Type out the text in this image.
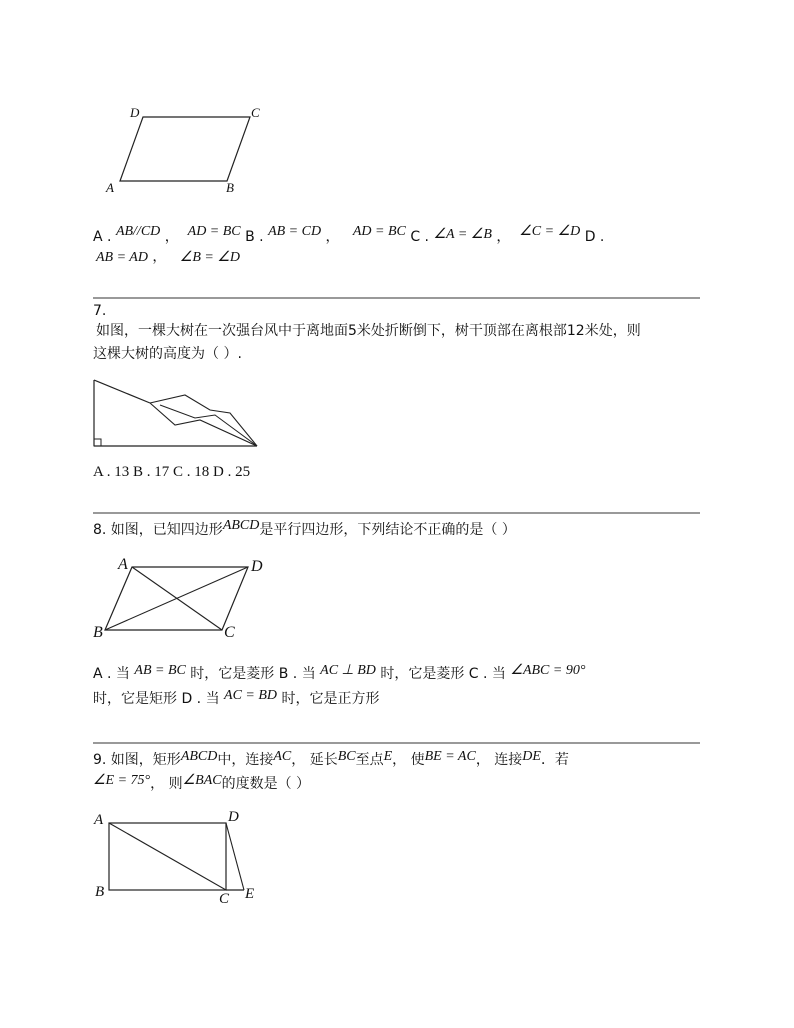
D	C
A	B
A . AB//CD ， AD = BC B . AB = CD ， AD = BC C . ∠A = ∠B ， ∠C = ∠D D .
AB = AD ， ∠B = ∠D
7.
如图，一棵大树在一次强台风中于离地面5米处折断倒下，树干顶部在离根部12米处，则
这棵大树的高度为（ ）.
A . 13 B . 17 C . 18 D . 25
8. 如图，已知四边形ABCD是平行四边形，下列结论不正确的是（ ）
A	D
B	C
A . 当 AB = BC 时，它是菱形 B . 当 AC ⊥ BD 时，它是菱形 C . 当 ∠ABC = 90°
时，它是矩形 D . 当 AC = BD 时，它是正方形
9. 如图，矩形ABCD中，连接AC， 延长BC至点E， 使BE = AC， 连接DE．若
∠E = 75°， 则∠BAC的度数是（ ）
A	D
B	C E
